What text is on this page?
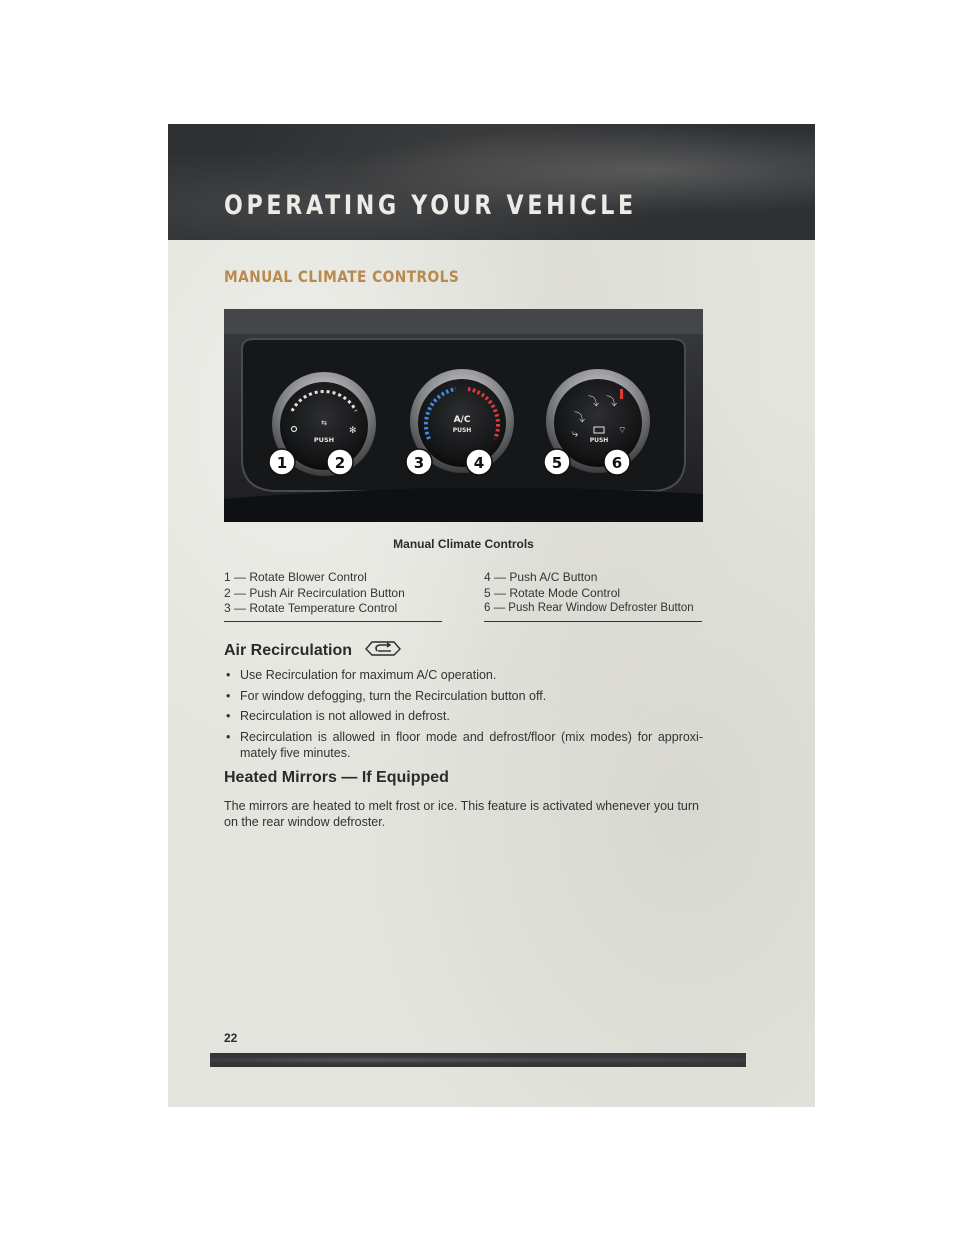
OPERATING YOUR VEHICLE
MANUAL CLIMATE CONTROLS
✻
⇆
PUSH
A/C
PUSH
⤵
⤵ ⤵
⤷	⌔
PUSH
1	2	3	4	5	6
Manual Climate Controls
1 — Rotate Blower Control
2 — Push Air Recirculation Button
3 — Rotate Temperature Control
4 — Push A/C Button
5 — Rotate Mode Control
6 — Push Rear Window Defroster Button
Air Recirculation
• Use Recirculation for maximum A/C operation.
• For window defogging, turn the Recirculation button off.
• Recirculation is not allowed in defrost.
• Recirculation is allowed in floor mode and defrost/floor (mix modes) for approxi-mately five minutes.
Heated Mirrors — If Equipped
The mirrors are heated to melt frost or ice. This feature is activated whenever you turn on the rear window defroster.
22
